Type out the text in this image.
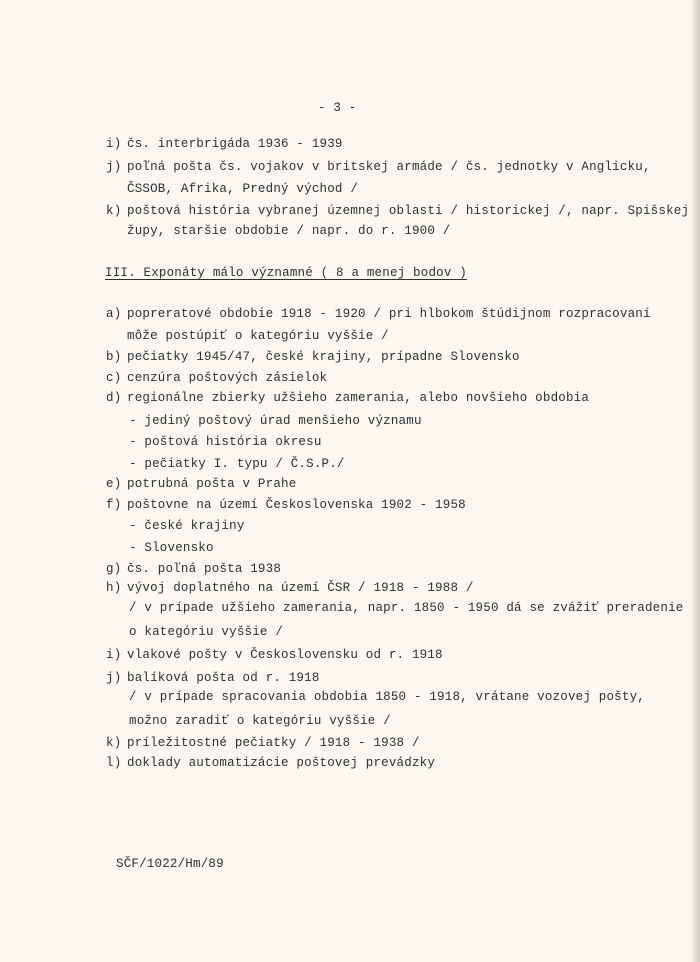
- 3 -
i) čs. interbrigáda 1936 - 1939
j) poľná pošta čs. vojakov v britskej armáde / čs. jednotky v Anglicku,
ČSSOB, Afrika, Predný východ /
k) poštová história vybranej územnej oblasti / historickej /, napr. Spišskej
župy, staršie obdobie / napr. do r. 1900 /
III. Exponáty málo významné ( 8 a menej bodov )
a) popreratové obdobie 1918 - 1920 / pri hlbokom štúdijnom rozpracovaní
môže postúpiť o kategóriu vyššie /
b) pečiatky 1945/47, české krajiny, prípadne Slovensko
c) cenzúra poštových zásielok
d) regionálne zbierky užšieho zamerania, alebo novšieho obdobia
- jediný poštový úrad menšieho významu
- poštová história okresu
- pečiatky I. typu / Č.S.P./
e) potrubná pošta v Prahe
f) poštovne na území Československa 1902 - 1958
- české krajiny
- Slovensko
g) čs. poľná pošta 1938
h) vývoj doplatného na území ČSR / 1918 - 1988 /
/ v prípade užšieho zamerania, napr. 1850 - 1950 dá se zvážiť preradenie
o kategóriu vyššie /
i) vlakové pošty v Československu od r. 1918
j) balíková pošta od r. 1918
/ v prípade spracovania obdobia 1850 - 1918, vrátane vozovej pošty,
možno zaradiť o kategóriu vyššie /
k) príležitostné pečiatky / 1918 - 1938 /
l) doklady automatizácie poštovej prevádzky
SČF/1022/Hm/89
